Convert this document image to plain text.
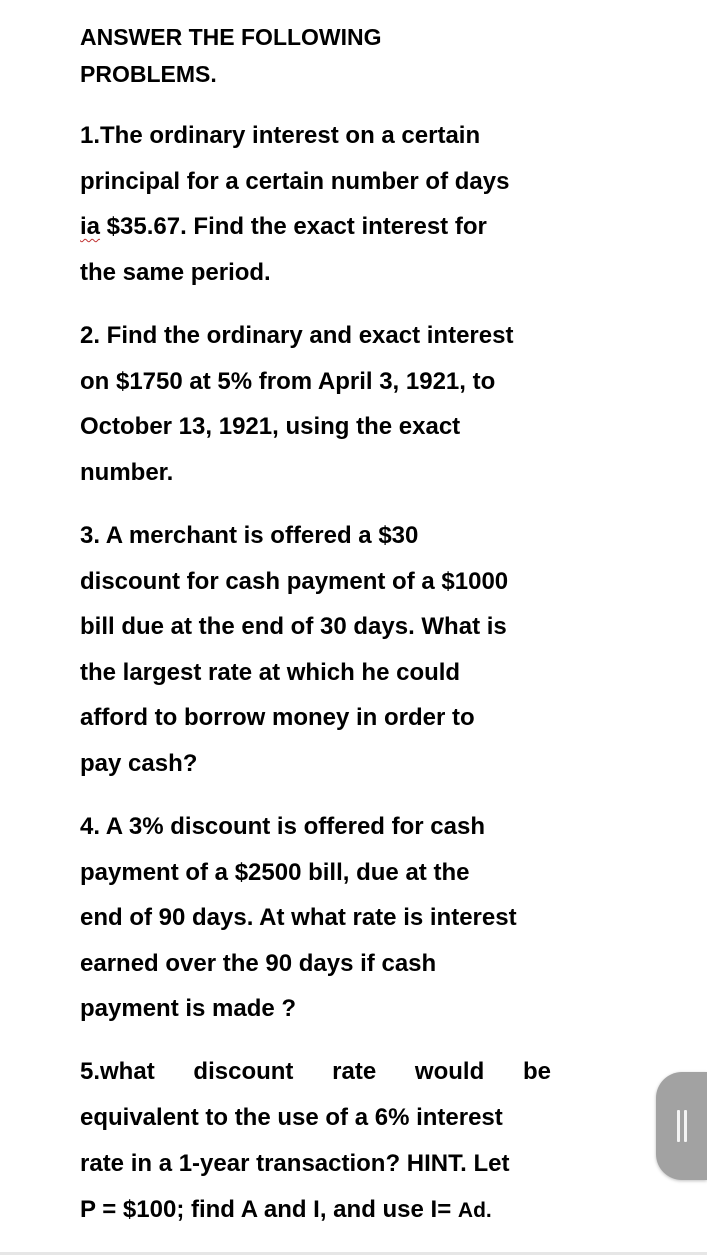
ANSWER THE FOLLOWING
PROBLEMS.
1.The ordinary interest on a certain
principal for a certain number of days
ia $35.67. Find the exact interest for
the same period.
2. Find the ordinary and exact interest
on $1750 at 5% from April 3, 1921, to
October 13, 1921, using the exact
number.
3. A merchant is offered a $30
discount for cash payment of a $1000
bill due at the end of 30 days. What is
the largest rate at which he could
afford to borrow money in order to
pay cash?
4. A 3% discount is offered for cash
payment of a $2500 bill, due at the
end of 90 days. At what rate is interest
earned over the 90 days if cash
payment is made ?
5.what discount rate would be
equivalent to the use of a 6% interest
rate in a 1-year transaction? HINT. Let
P = $100; find A and I, and use I= Ad.
